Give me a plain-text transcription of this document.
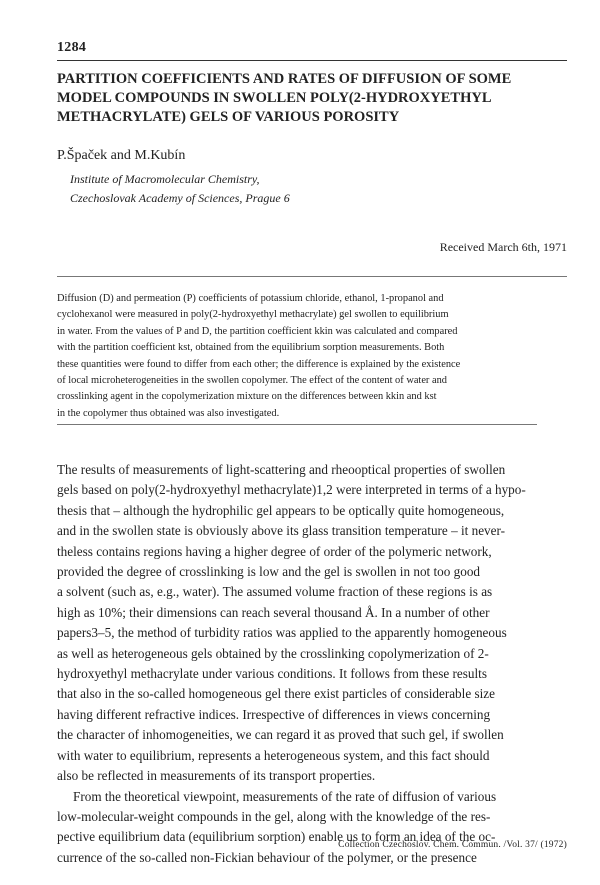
1284
PARTITION COEFFICIENTS AND RATES OF DIFFUSION OF SOME
MODEL COMPOUNDS IN SWOLLEN POLY(2-HYDROXYETHYL
METHACRYLATE) GELS OF VARIOUS POROSITY
P.Špaček and M.Kubín
Institute of Macromolecular Chemistry,
Czechoslovak Academy of Sciences, Prague 6
Received March 6th, 1971
Diffusion (D) and permeation (P) coefficients of potassium chloride, ethanol, 1-propanol and
cyclohexanol were measured in poly(2-hydroxyethyl methacrylate) gel swollen to equilibrium
in water. From the values of P and D, the partition coefficient kkin was calculated and compared
with the partition coefficient kst, obtained from the equilibrium sorption measurements. Both
these quantities were found to differ from each other; the difference is explained by the existence
of local microheterogeneities in the swollen copolymer. The effect of the content of water and
crosslinking agent in the copolymerization mixture on the differences between kkin and kst
in the copolymer thus obtained was also investigated.
The results of measurements of light-scattering and rheooptical properties of swollen
gels based on poly(2-hydroxyethyl methacrylate)1,2 were interpreted in terms of a hypo-
thesis that – although the hydrophilic gel appears to be optically quite homogeneous,
and in the swollen state is obviously above its glass transition temperature – it never-
theless contains regions having a higher degree of order of the polymeric network,
provided the degree of crosslinking is low and the gel is swollen in not too good
a solvent (such as, e.g., water). The assumed volume fraction of these regions is as
high as 10%; their dimensions can reach several thousand Å. In a number of other
papers3–5, the method of turbidity ratios was applied to the apparently homogeneous
as well as heterogeneous gels obtained by the crosslinking copolymerization of 2-
hydroxyethyl methacrylate under various conditions. It follows from these results
that also in the so-called homogeneous gel there exist particles of considerable size
having different refractive indices. Irrespective of differences in views concerning
the character of inhomogeneities, we can regard it as proved that such gel, if swollen
with water to equilibrium, represents a heterogeneous system, and this fact should
also be reflected in measurements of its transport properties.
From the theoretical viewpoint, measurements of the rate of diffusion of various
low-molecular-weight compounds in the gel, along with the knowledge of the res-
pective equilibrium data (equilibrium sorption) enable us to form an idea of the oc-
currence of the so-called non-Fickian behaviour of the polymer, or the presence
Collection Czechoslov. Chem. Commun. /Vol. 37/ (1972)
